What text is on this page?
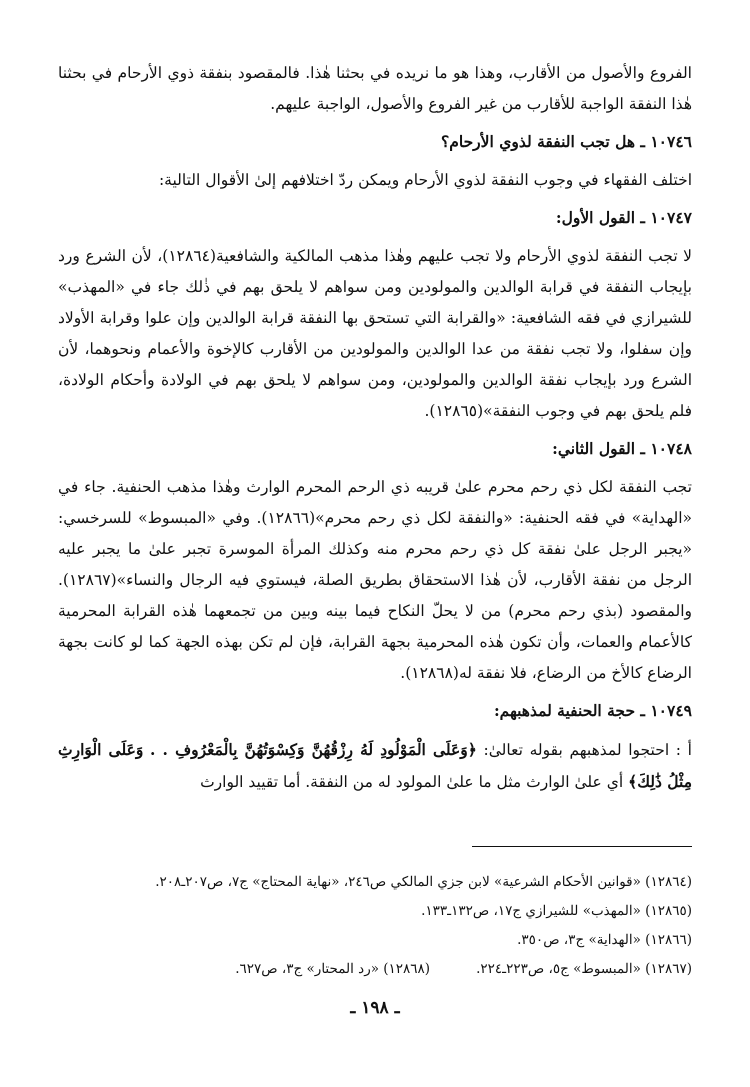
الفروع والأصول من الأقارب، وهذا هو ما نريده في بحثنا هٰذا. فالمقصود بنفقة ذوي الأرحام في بحثنا هٰذا النفقة الواجبة للأقارب من غير الفروع والأصول، الواجبة عليهم.

١٠٧٤٦ ـ هل تجب النفقة لذوي الأرحام؟

اختلف الفقهاء في وجوب النفقة لذوي الأرحام ويمكن ردّ اختلافهم إلىٰ الأقوال التالية:

١٠٧٤٧ ـ القول الأول:

لا تجب النفقة لذوي الأرحام ولا تجب عليهم وهٰذا مذهب المالكية والشافعية(١٢٨٦٤)، لأن الشرع ورد بإيجاب النفقة في قرابة الوالدين والمولودين ومن سواهم لا يلحق بهم في ذٰلك جاء في «المهذب» للشيرازي في فقه الشافعية: «والقرابة التي تستحق بها النفقة قرابة الوالدين وإن علوا وقرابة الأولاد وإن سفلوا، ولا تجب نفقة من عدا الوالدين والمولودين من الأقارب كالإخوة والأعمام ونحوهما، لأن الشرع ورد بإيجاب نفقة الوالدين والمولودين، ومن سواهم لا يلحق بهم في الولادة وأحكام الولادة، فلم يلحق بهم في وجوب النفقة»(١٢٨٦٥).

١٠٧٤٨ ـ القول الثاني:

تجب النفقة لكل ذي رحم محرم علىٰ قريبه ذي الرحم المحرم الوارث وهٰذا مذهب الحنفية. جاء في «الهداية» في فقه الحنفية: «والنفقة لكل ذي رحم محرم»(١٢٨٦٦). وفي «المبسوط» للسرخسي: «يجبر الرجل علىٰ نفقة كل ذي رحم محرم منه وكذلك المرأة الموسرة تجبر علىٰ ما يجبر عليه الرجل من نفقة الأقارب، لأن هٰذا الاستحقاق بطريق الصلة، فيستوي فيه الرجال والنساء»(١٢٨٦٧). والمقصود (بذي رحم محرم) من لا يحلّ النكاح فيما بينه وبين من تجمعهما هٰذه القرابة المحرمية كالأعمام والعمات، وأن تكون هٰذه المحرمية بجهة القرابة، فإن لم تكن بهذه الجهة كما لو كانت بجهة الرضاع كالأخ من الرضاع، فلا نفقة له(١٢٨٦٨).

١٠٧٤٩ ـ حجة الحنفية لمذهبهم:

أ : احتجوا لمذهبهم بقوله تعالىٰ: ﴿وَعَلَى الْمَوْلُودِ لَهُ رِزْقُهُنَّ وَكِسْوَتُهُنَّ بِالْمَعْرُوفِ . . وَعَلَى الْوَارِثِ مِثْلُ ذَٰلِكَ﴾ أي علىٰ الوارث مثل ما علىٰ المولود له من النفقة. أما تقييد الوارث

(١٢٨٦٤) «قوانين الأحكام الشرعية» لابن جزي المالكي ص٢٤٦، «نهاية المحتاج» ج٧، ص٢٠٧ـ٢٠٨.

(١٢٨٦٥) «المهذب» للشيرازي ج١٧، ص١٣٢ـ١٣٣.

(١٢٨٦٦) «الهداية» ج٣، ص٣٥٠.

(١٢٨٦٧) «المبسوط» ج٥، ص٢٢٣ـ٢٢٤.

(١٢٨٦٨) «رد المحتار» ج٣، ص٦٢٧.

ـ ١٩٨ ـ
